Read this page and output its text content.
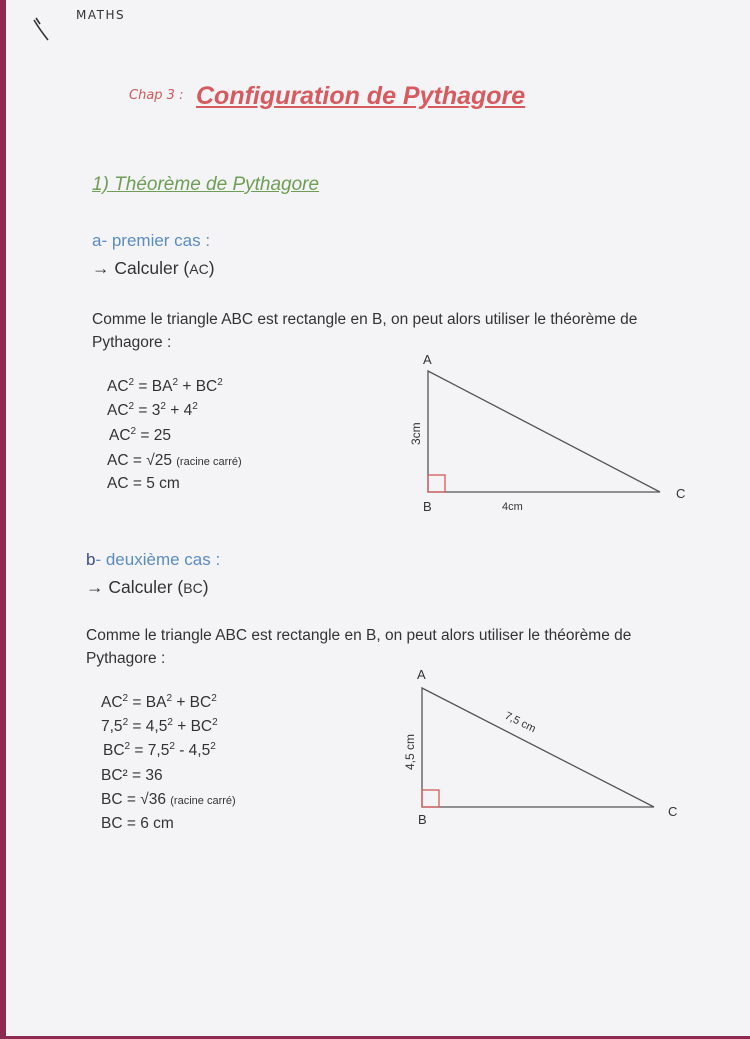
MATHS
Chap 3 : Configuration de Pythagore
1) Théorème de Pythagore
a- premier cas :
→ Calculer (AC)
Comme le triangle ABC est rectangle en B, on peut alors utiliser le théorème de Pythagore :
$AC^2 = BA^2 + BC^2$
$AC^2 = 3^2 + 4^2$
$AC^2 = 25$
AC = √25 (racine carré)
AC = 5 cm
A
B
C
3cm
4cm
b- deuxième cas :
→ Calculer (BC)
Comme le triangle ABC est rectangle en B, on peut alors utiliser le théorème de Pythagore :
$AC^2 = BA^2 + BC^2$
$7,5^2 = 4,5^2 + BC^2$
$BC^2 = 7,5^2 - 4,5^2$
BC² = 36
BC = √36 (racine carré)
BC = 6 cm
A
B
C
4,5 cm
7,5 cm
